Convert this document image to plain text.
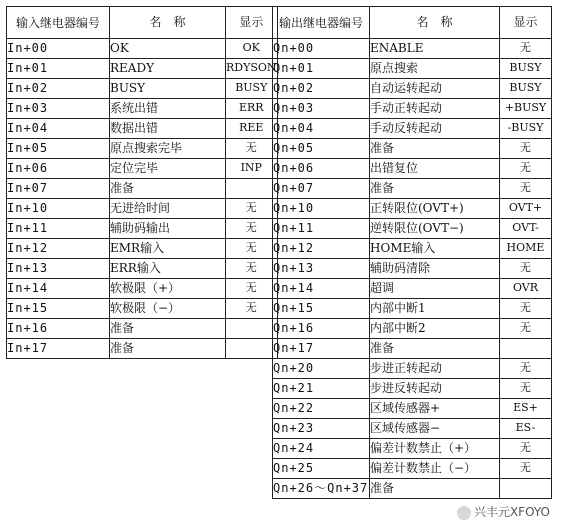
输入继电器编号	名　称	显示
In+00	OK	OK
In+01	READY	RDYSON
In+02	BUSY	BUSY
In+03	系统出错	ERR
In+04	数据出错	REE
In+05	原点搜索完毕	无
In+06	定位完毕	INP
In+07	准备	
In+10	无进给时间	无
In+11	辅助码输出	无
In+12	EMR输入	无
In+13	ERR输入	无
In+14	软极限（+）	无
In+15	软极限（−）	无
In+16	准备	
In+17	准备	
输出继电器编号	名　称	显示
Qn+00	ENABLE	无
Qn+01	原点搜索	BUSY
Qn+02	自动运转起动	BUSY
Qn+03	手动正转起动	+BUSY
Qn+04	手动反转起动	-BUSY
Qn+05	准备	无
Qn+06	出错复位	无
Qn+07	准备	无
Qn+10	正转限位(OVT+)	OVT+
Qn+11	逆转限位(OVT−)	OVT-
Qn+12	HOME输入	HOME
Qn+13	辅助码清除	无
Qn+14	超调	OVR
Qn+15	内部中断1	无
Qn+16	内部中断2	无
Qn+17	准备	
Qn+20	步进正转起动	无
Qn+21	步进反转起动	无
Qn+22	区域传感器+	ES+
Qn+23	区域传感器−	ES-
Qn+24	偏差计数禁止（+）	无
Qn+25	偏差计数禁止（−）	无
Qn+26〜Qn+37	准备	
兴丰元XFOYO
